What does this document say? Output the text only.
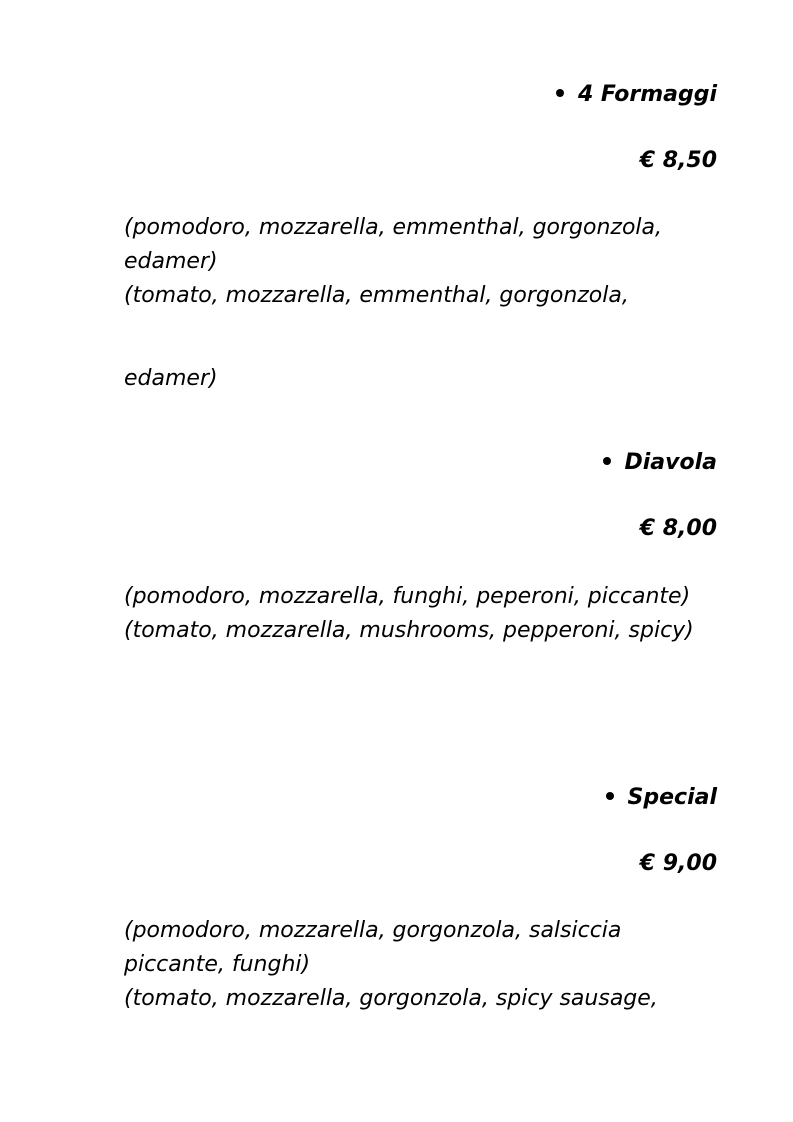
4 Formaggi
€ 8,50
(pomodoro, mozzarella, emmenthal, gorgonzola,
edamer)
(tomato, mozzarella, emmenthal, gorgonzola,
edamer)
Diavola
€ 8,00
(pomodoro, mozzarella, funghi, peperoni, piccante)
(tomato, mozzarella, mushrooms, pepperoni, spicy)
Special
€ 9,00
(pomodoro, mozzarella, gorgonzola, salsiccia
piccante, funghi)
(tomato, mozzarella, gorgonzola, spicy sausage,
